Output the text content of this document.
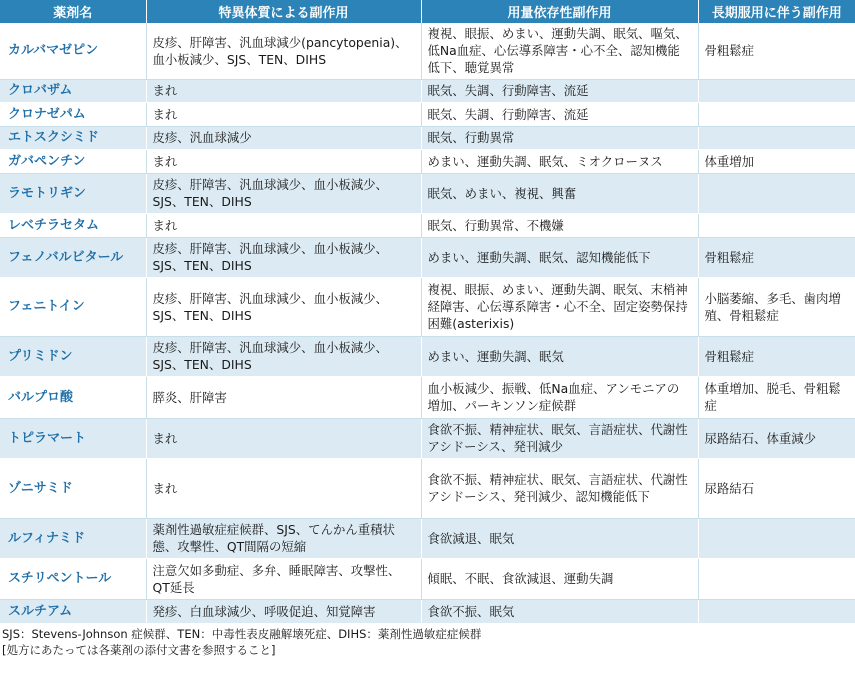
薬剤名	特異体質による副作用	用量依存性副作用	長期服用に伴う副作用
カルバマゼピン	皮疹、肝障害、汎血球減少(pancytopenia)、血小板減少、SJS、TEN、DIHS	複視、眼振、めまい、運動失調、眠気、嘔気、低Na血症、心伝導系障害・心不全、認知機能低下、聴覚異常	骨粗鬆症
クロバザム	まれ	眠気、失調、行動障害、流延	
クロナゼパム	まれ	眠気、失調、行動障害、流延	
エトスクシミド	皮疹、汎血球減少	眠気、行動異常	
ガバペンチン	まれ	めまい、運動失調、眠気、ミオクローヌス	体重増加
ラモトリギン	皮疹、肝障害、汎血球減少、血小板減少、SJS、TEN、DIHS	眠気、めまい、複視、興奮	
レベチラセタム	まれ	眠気、行動異常、不機嫌	
フェノバルビタール	皮疹、肝障害、汎血球減少、血小板減少、SJS、TEN、DIHS	めまい、運動失調、眠気、認知機能低下	骨粗鬆症
フェニトイン	皮疹、肝障害、汎血球減少、血小板減少、SJS、TEN、DIHS	複視、眼振、めまい、運動失調、眠気、末梢神経障害、心伝導系障害・心不全、固定姿勢保持困難(asterixis)	小脳萎縮、多毛、歯肉増殖、骨粗鬆症
プリミドン	皮疹、肝障害、汎血球減少、血小板減少、SJS、TEN、DIHS	めまい、運動失調、眠気	骨粗鬆症
バルプロ酸	膵炎、肝障害	血小板減少、振戦、低Na血症、アンモニアの増加、パーキンソン症候群	体重増加、脱毛、骨粗鬆症
トピラマート	まれ	食欲不振、精神症状、眠気、言語症状、代謝性アシドーシス、発刊減少	尿路結石、体重減少
ゾニサミド	まれ	食欲不振、精神症状、眠気、言語症状、代謝性アシドーシス、発刊減少、認知機能低下	尿路結石
ルフィナミド	薬剤性過敏症症候群、SJS、てんかん重積状態、攻撃性、QT間隔の短縮	食欲減退、眠気	
スチリペントール	注意欠如多動症、多弁、睡眠障害、攻撃性、QT延長	傾眠、不眠、食欲減退、運動失調	
スルチアム	発疹、白血球減少、呼吸促迫、知覚障害	食欲不振、眠気	
SJS：Stevens-Johnson 症候群、TEN：中毒性表皮融解壊死症、DIHS：薬剤性過敏症症候群
[処方にあたっては各薬剤の添付文書を参照すること]
